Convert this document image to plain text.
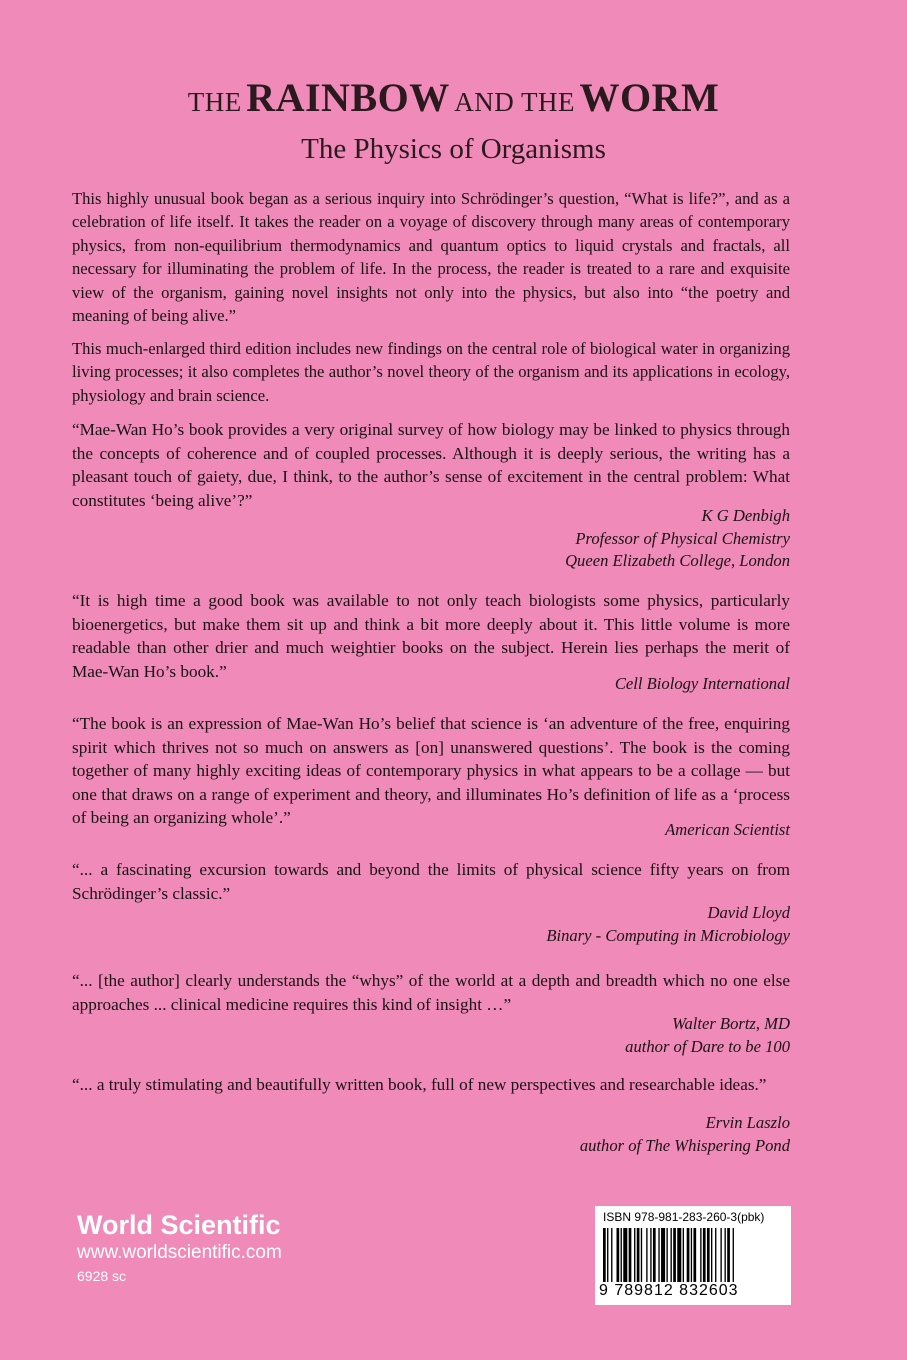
THE RAINBOW AND THE WORM
The Physics of Organisms

This highly unusual book began as a serious inquiry into Schrödinger’s question, “What is life?”, and as a celebration of life itself. It takes the reader on a voyage of discovery through many areas of contemporary physics, from non-equilibrium thermodynamics and quantum optics to liquid crystals and fractals, all necessary for illuminating the problem of life. In the process, the reader is treated to a rare and exquisite view of the organism, gaining novel insights not only into the physics, but also into “the poetry and meaning of being alive.”

This much-enlarged third edition includes new findings on the central role of biological water in organizing living processes; it also completes the author’s novel theory of the organism and its applications in ecology, physiology and brain science.

“Mae-Wan Ho’s book provides a very original survey of how biology may be linked to physics through the concepts of coherence and of coupled processes. Although it is deeply serious, the writing has a pleasant touch of gaiety, due, I think, to the author’s sense of excitement in the central problem: What constitutes ‘being alive’?”

K G Denbigh
Professor of Physical Chemistry
Queen Elizabeth College, London

“It is high time a good book was available to not only teach biologists some physics, particularly bioenergetics, but make them sit up and think a bit more deeply about it. This little volume is more readable than other drier and much weightier books on the subject. Herein lies perhaps the merit of Mae-Wan Ho’s book.”

Cell Biology International

“The book is an expression of Mae-Wan Ho’s belief that science is ‘an adventure of the free, enquiring spirit which thrives not so much on answers as [on] unanswered questions’. The book is the coming together of many highly exciting ideas of contemporary physics in what appears to be a collage — but one that draws on a range of experiment and theory, and illuminates Ho’s definition of life as a ‘process of being an organizing whole’.”

American Scientist

“... a fascinating excursion towards and beyond the limits of physical science fifty years on from Schrödinger’s classic.”

David Lloyd
Binary - Computing in Microbiology

“... [the author] clearly understands the “whys” of the world at a depth and breadth which no one else approaches ... clinical medicine requires this kind of insight …”

Walter Bortz, MD
author of Dare to be 100

“... a truly stimulating and beautifully written book, full of new perspectives and researchable ideas.”

Ervin Laszlo
author of The Whispering Pond
World Scientific
www.worldscientific.com
6928 sc
ISBN 978-981-283-260-3(pbk)
9 789812 832603
